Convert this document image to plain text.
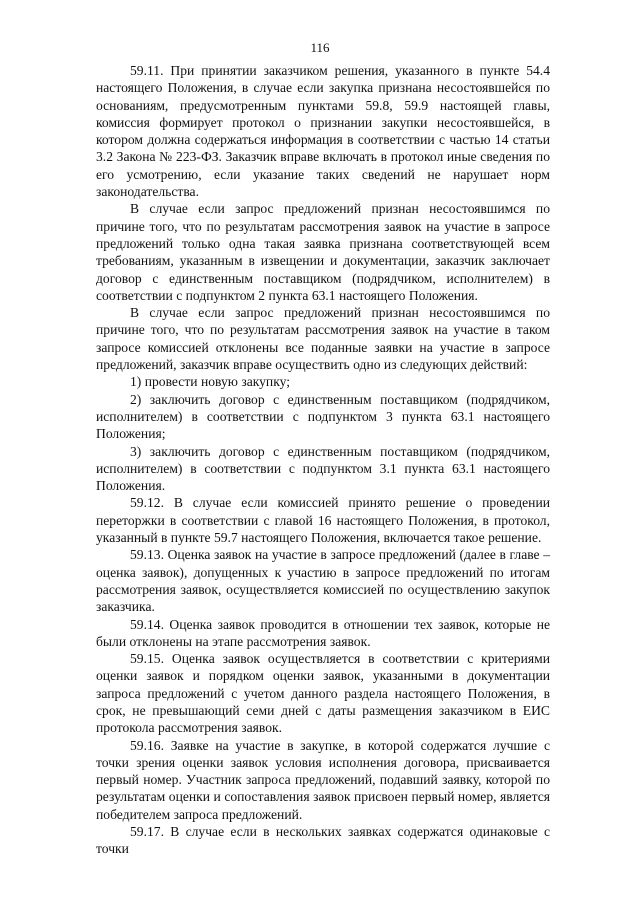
116

59.11. При принятии заказчиком решения, указанного в пункте 54.4 настоящего Положения, в случае если закупка признана несостоявшейся по основаниям, предусмотренным пунктами 59.8, 59.9 настоящей главы, комиссия формирует протокол о признании закупки несостоявшейся, в котором должна содержаться информация в соответствии с частью 14 статьи 3.2 Закона № 223-ФЗ. Заказчик вправе включать в протокол иные сведения по его усмотрению, если указание таких сведений не нарушает норм законодательства.

В случае если запрос предложений признан несостоявшимся по причине того, что по результатам рассмотрения заявок на участие в запросе предложений только одна такая заявка признана соответствующей всем требованиям, указанным в извещении и документации, заказчик заключает договор с единственным поставщиком (подрядчиком, исполнителем) в соответствии с подпунктом 2 пункта 63.1 настоящего Положения.

В случае если запрос предложений признан несостоявшимся по причине того, что по результатам рассмотрения заявок на участие в таком запросе комиссией отклонены все поданные заявки на участие в запросе предложений, заказчик вправе осуществить одно из следующих действий:

1) провести новую закупку;

2) заключить договор с единственным поставщиком (подрядчиком, исполнителем) в соответствии с подпунктом 3 пункта 63.1 настоящего Положения;

3) заключить договор с единственным поставщиком (подрядчиком, исполнителем) в соответствии с подпунктом 3.1 пункта 63.1 настоящего Положения.

59.12. В случае если комиссией принято решение о проведении переторжки в соответствии с главой 16 настоящего Положения, в протокол, указанный в пункте 59.7 настоящего Положения, включается такое решение.

59.13. Оценка заявок на участие в запросе предложений (далее в главе – оценка заявок), допущенных к участию в запросе предложений по итогам рассмотрения заявок, осуществляется комиссией по осуществлению закупок заказчика.

59.14. Оценка заявок проводится в отношении тех заявок, которые не были отклонены на этапе рассмотрения заявок.

59.15. Оценка заявок осуществляется в соответствии с критериями оценки заявок и порядком оценки заявок, указанными в документации запроса предложений с учетом данного раздела настоящего Положения, в срок, не превышающий семи дней с даты размещения заказчиком в ЕИС протокола рассмотрения заявок.

59.16. Заявке на участие в закупке, в которой содержатся лучшие с точки зрения оценки заявок условия исполнения договора, присваивается первый номер. Участник запроса предложений, подавший заявку, которой по результатам оценки и сопоставления заявок присвоен первый номер, является победителем запроса предложений.

59.17. В случае если в нескольких заявках содержатся одинаковые с точки
